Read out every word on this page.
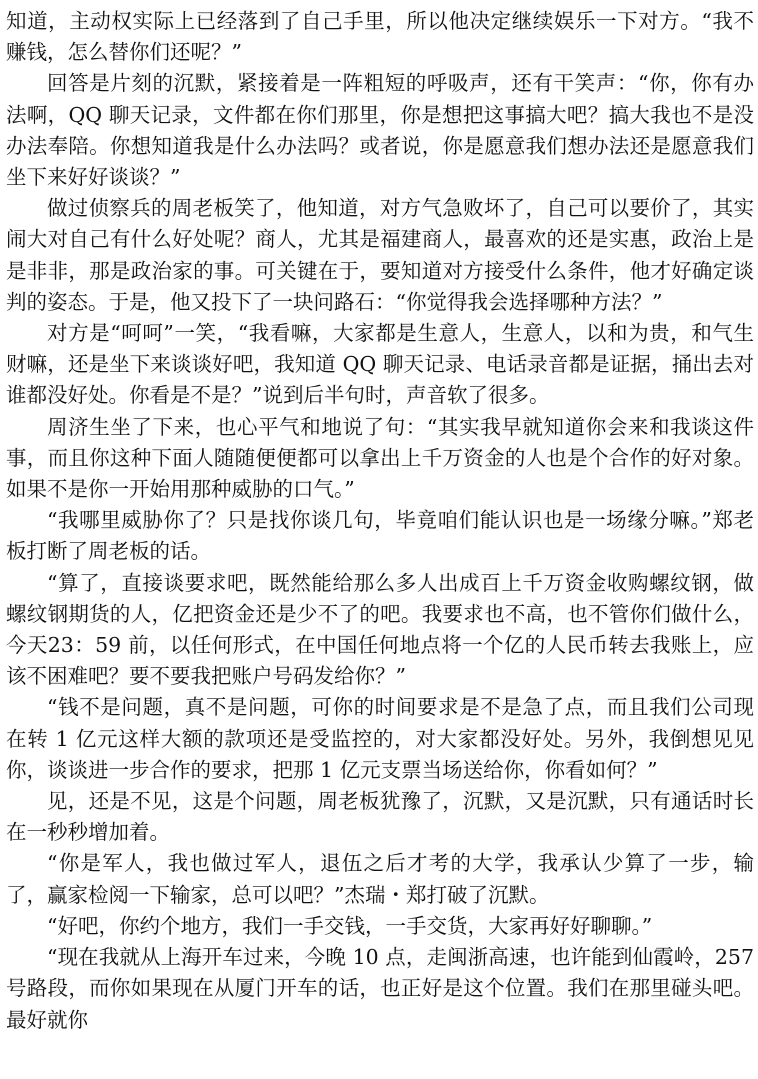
知道，主动权实际上已经落到了自己手里，所以他决定继续娱乐一下对方。“我不赚钱，怎么替你们还呢？”

回答是片刻的沉默，紧接着是一阵粗短的呼吸声，还有干笑声：“你，你有办法啊，QQ 聊天记录，文件都在你们那里，你是想把这事搞大吧？搞大我也不是没办法奉陪。你想知道我是什么办法吗？或者说，你是愿意我们想办法还是愿意我们坐下来好好谈谈？”

做过侦察兵的周老板笑了，他知道，对方气急败坏了，自己可以要价了，其实闹大对自己有什么好处呢？商人，尤其是福建商人，最喜欢的还是实惠，政治上是是非非，那是政治家的事。可关键在于，要知道对方接受什么条件，他才好确定谈判的姿态。于是，他又投下了一块问路石：“你觉得我会选择哪种方法？”

对方是“呵呵”一笑，“我看嘛，大家都是生意人，生意人，以和为贵，和气生财嘛，还是坐下来谈谈好吧，我知道 QQ 聊天记录、电话录音都是证据，捅出去对谁都没好处。你看是不是？”说到后半句时，声音软了很多。

周济生坐了下来，也心平气和地说了句：“其实我早就知道你会来和我谈这件事，而且你这种下面人随随便便都可以拿出上千万资金的人也是个合作的好对象。如果不是你一开始用那种威胁的口气。”

“我哪里威胁你了？只是找你谈几句，毕竟咱们能认识也是一场缘分嘛。”郑老板打断了周老板的话。

“算了，直接谈要求吧，既然能给那么多人出成百上千万资金收购螺纹钢，做螺纹钢期货的人，亿把资金还是少不了的吧。我要求也不高，也不管你们做什么，今天23：59 前，以任何形式，在中国任何地点将一个亿的人民币转去我账上，应该不困难吧？要不要我把账户号码发给你？”

“钱不是问题，真不是问题，可你的时间要求是不是急了点，而且我们公司现在转 1 亿元这样大额的款项还是受监控的，对大家都没好处。另外，我倒想见见你，谈谈进一步合作的要求，把那 1 亿元支票当场送给你，你看如何？”

见，还是不见，这是个问题，周老板犹豫了，沉默，又是沉默，只有通话时长在一秒秒增加着。

“你是军人，我也做过军人，退伍之后才考的大学，我承认少算了一步，输了，赢家检阅一下输家，总可以吧？”杰瑞・郑打破了沉默。

“好吧，你约个地方，我们一手交钱，一手交货，大家再好好聊聊。”

“现在我就从上海开车过来，今晚 10 点，走闽浙高速，也许能到仙霞岭，257 号路段，而你如果现在从厦门开车的话，也正好是这个位置。我们在那里碰头吧。最好就你
